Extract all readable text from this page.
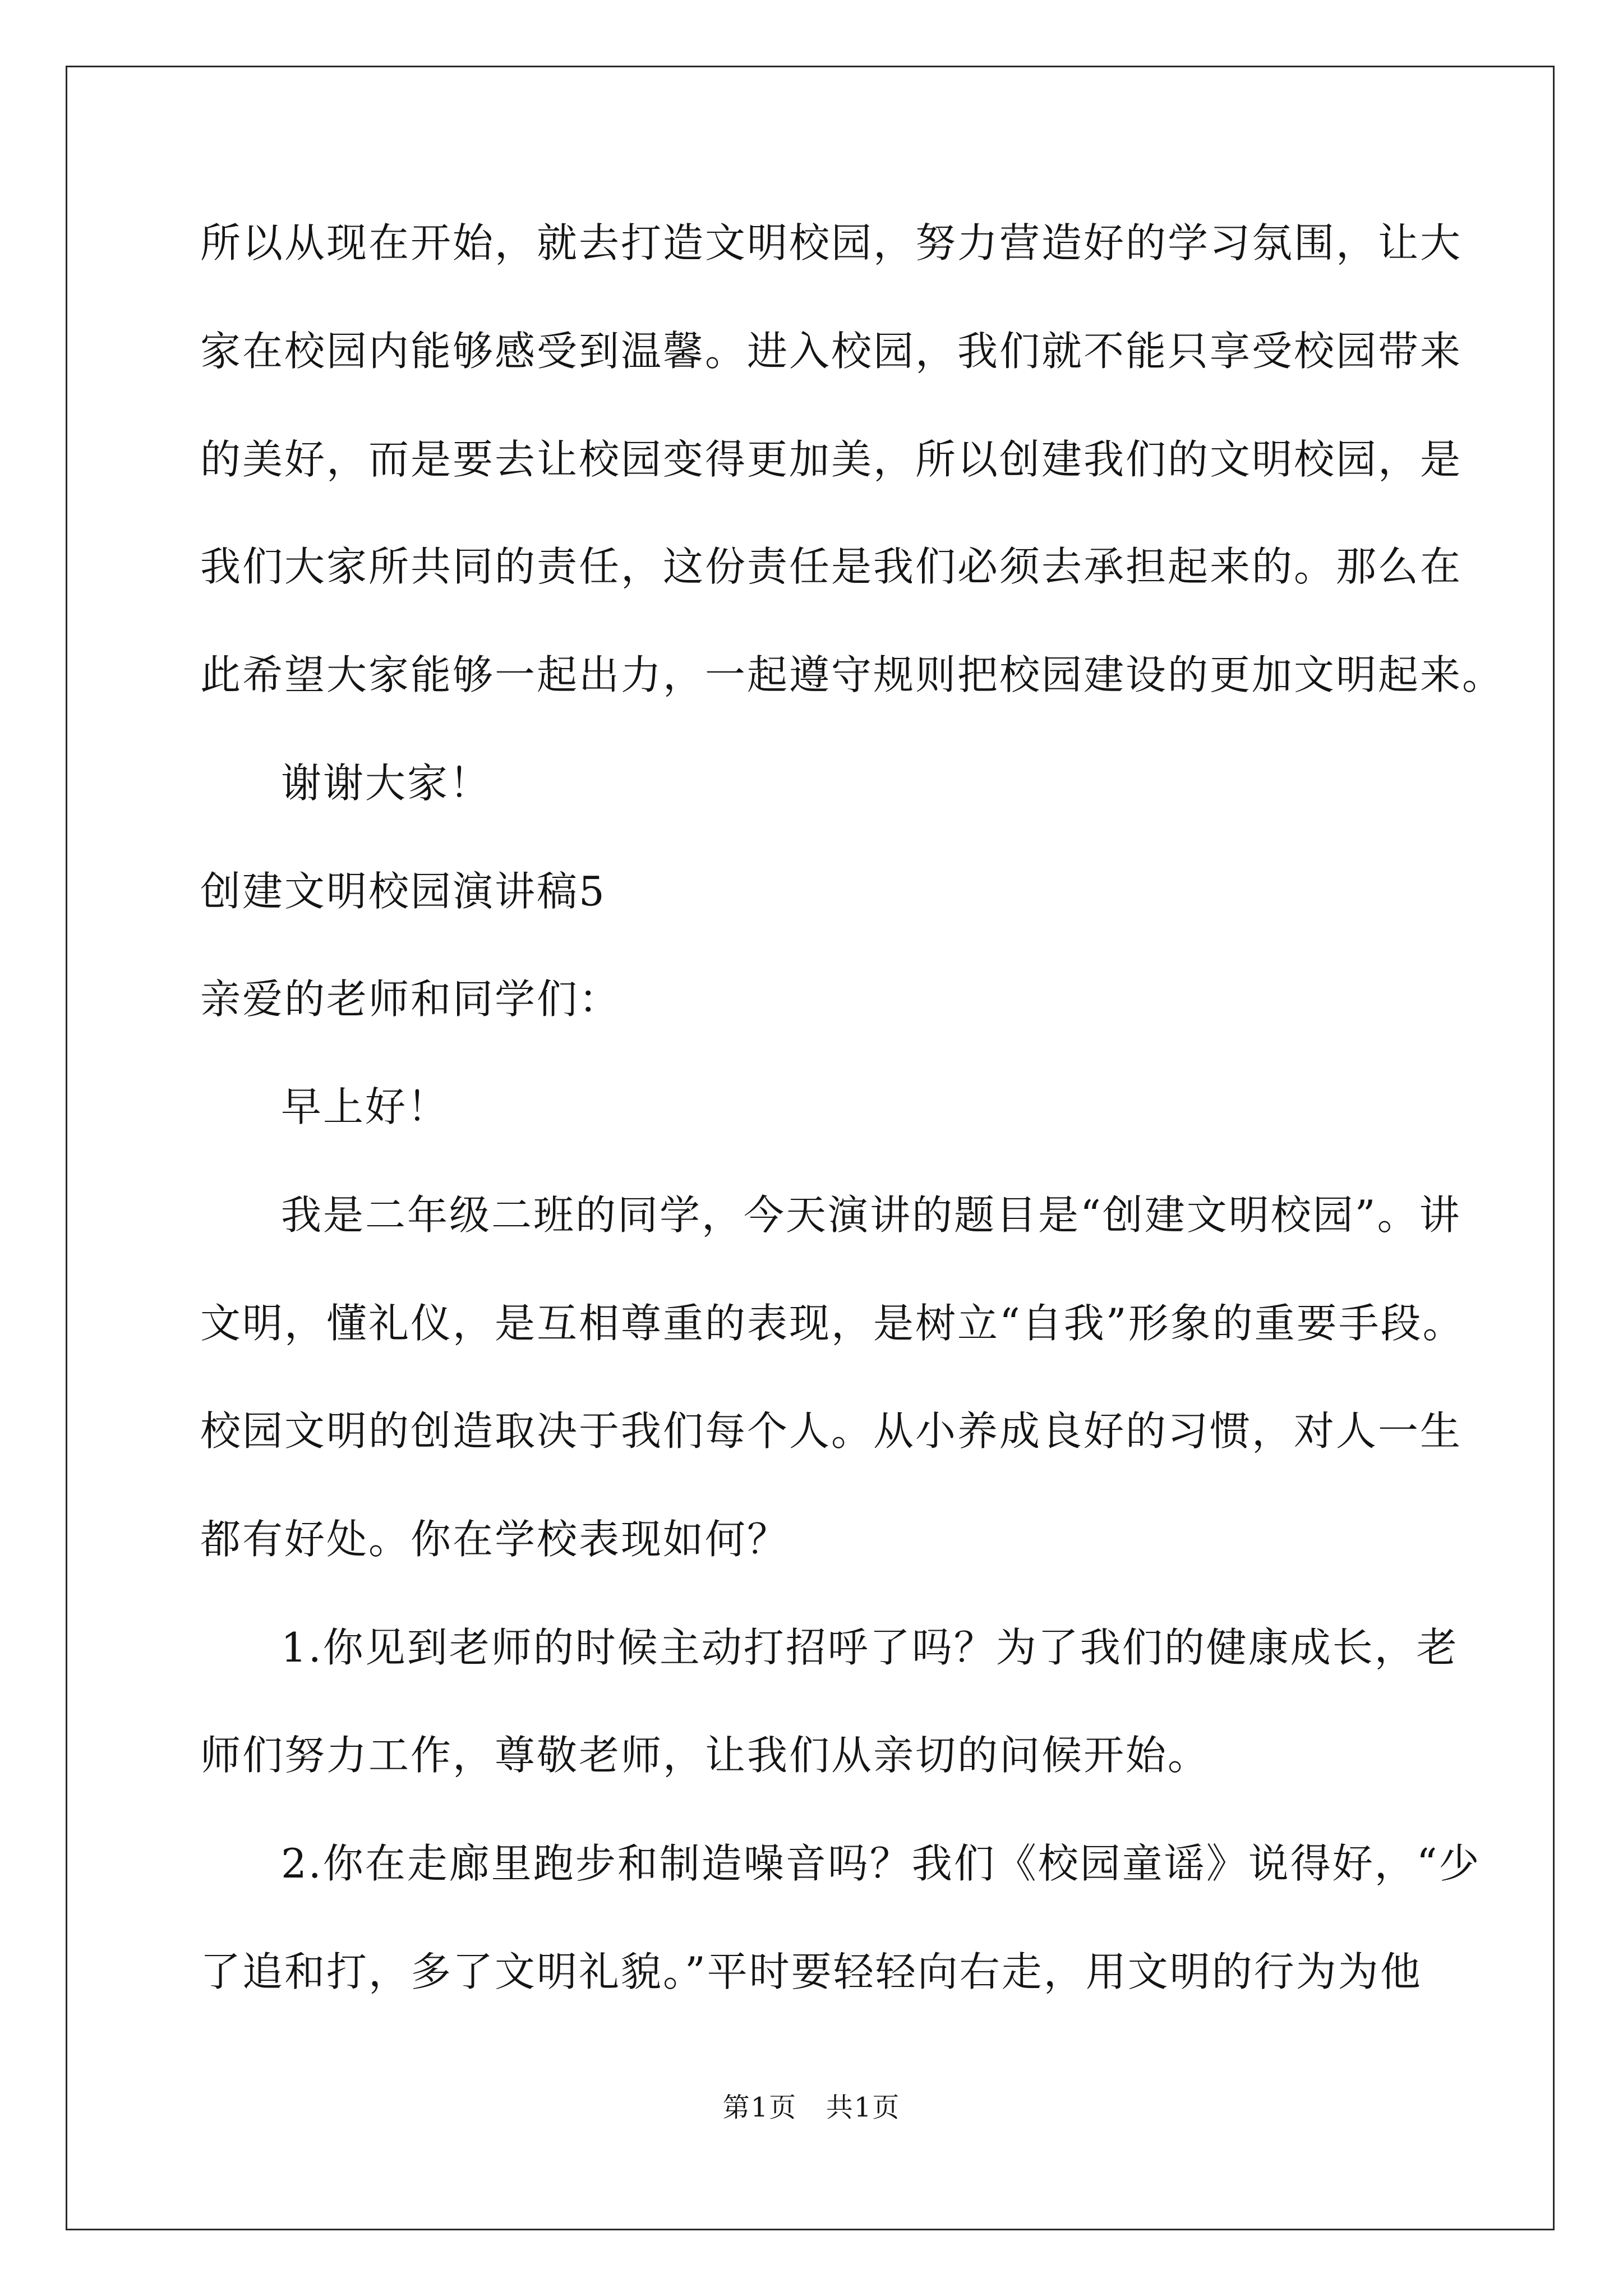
所以从现在开始，就去打造文明校园，努力营造好的学习氛围，让大

家在校园内能够感受到温馨。进入校园，我们就不能只享受校园带来

的美好，而是要去让校园变得更加美，所以创建我们的文明校园，是

我们大家所共同的责任，这份责任是我们必须去承担起来的。那么在

此希望大家能够一起出力，一起遵守规则把校园建设的更加文明起来。

谢谢大家！

创建文明校园演讲稿5

亲爱的老师和同学们：

早上好！

我是二年级二班的同学，今天演讲的题目是“创建文明校园”。讲

文明，懂礼仪，是互相尊重的表现，是树立“自我”形象的重要手段。

校园文明的创造取决于我们每个人。从小养成良好的习惯，对人一生

都有好处。你在学校表现如何？

1.你见到老师的时候主动打招呼了吗？为了我们的健康成长，老

师们努力工作，尊敬老师，让我们从亲切的问候开始。

2.你在走廊里跑步和制造噪音吗？我们《校园童谣》说得好，“少

了追和打，多了文明礼貌。”平时要轻轻向右走，用文明的行为为他

第1页   共1页
